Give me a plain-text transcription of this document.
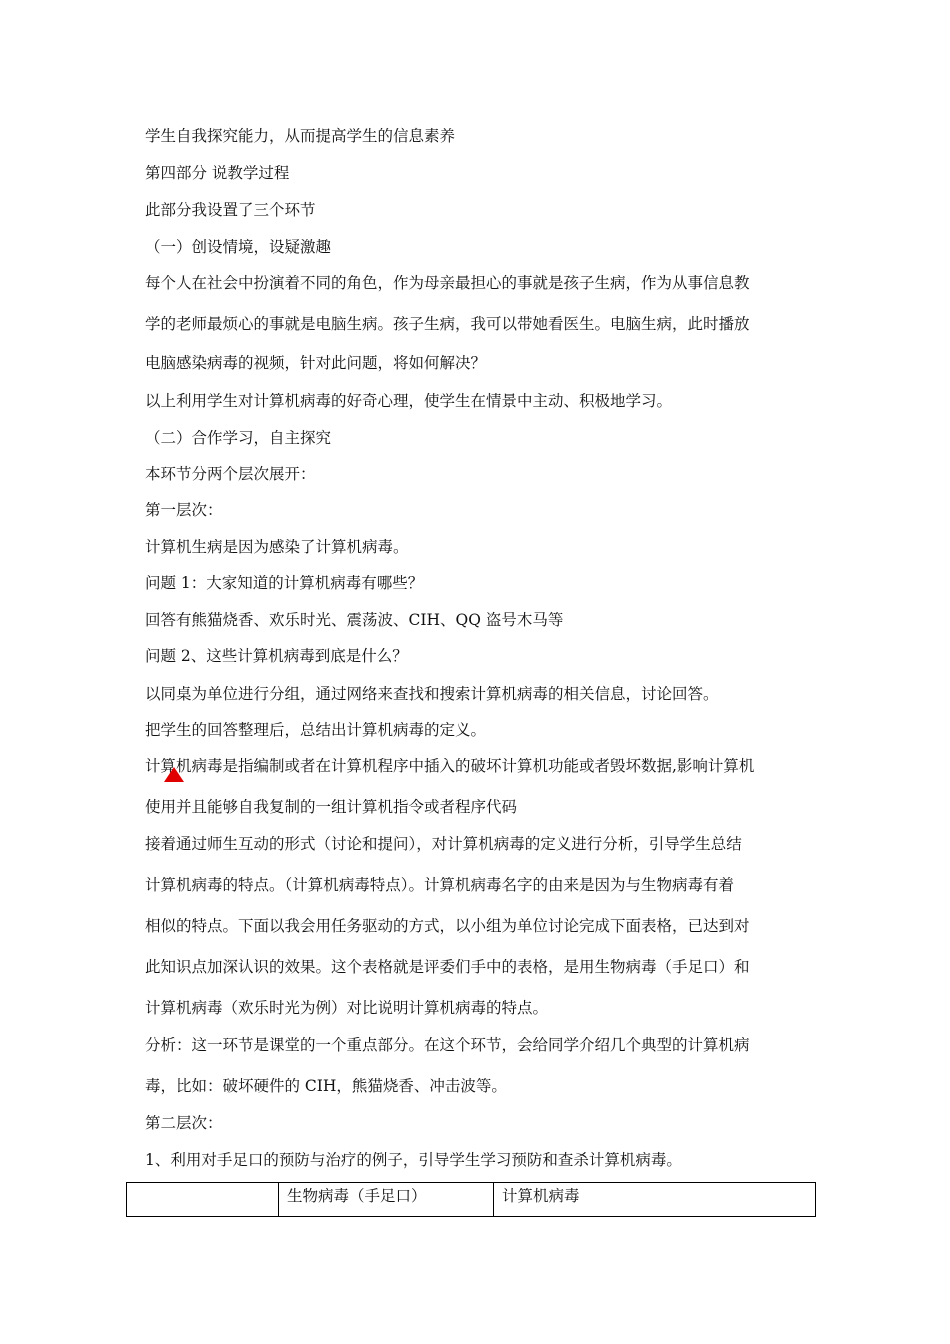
学生自我探究能力，从而提高学生的信息素养
第四部分 说教学过程
此部分我设置了三个环节
（一）创设情境，设疑激趣
每个人在社会中扮演着不同的角色，作为母亲最担心的事就是孩子生病，作为从事信息教
学的老师最烦心的事就是电脑生病。孩子生病，我可以带她看医生。电脑生病，此时播放
电脑感染病毒的视频，针对此问题，将如何解决？
以上利用学生对计算机病毒的好奇心理，使学生在情景中主动、积极地学习。
（二）合作学习，自主探究
本环节分两个层次展开：
第一层次：
计算机生病是因为感染了计算机病毒。
问题 1：大家知道的计算机病毒有哪些？
回答有熊猫烧香、欢乐时光、震荡波、CIH、QQ 盗号木马等
问题 2、这些计算机病毒到底是什么？
以同桌为单位进行分组，通过网络来查找和搜索计算机病毒的相关信息，讨论回答。
把学生的回答整理后，总结出计算机病毒的定义。
计算机病毒是指编制或者在计算机程序中插入的破坏计算机功能或者毁坏数据,影响计算机
使用并且能够自我复制的一组计算机指令或者程序代码
接着通过师生互动的形式（讨论和提问），对计算机病毒的定义进行分析，引导学生总结
计算机病毒的特点。（计算机病毒特点）。计算机病毒名字的由来是因为与生物病毒有着
相似的特点。下面以我会用任务驱动的方式，以小组为单位讨论完成下面表格，已达到对
此知识点加深认识的效果。这个表格就是评委们手中的表格，是用生物病毒（手足口）和
计算机病毒（欢乐时光为例）对比说明计算机病毒的特点。
分析：这一环节是课堂的一个重点部分。在这个环节，会给同学介绍几个典型的计算机病
毒，比如：破坏硬件的 CIH，熊猫烧香、冲击波等。
第二层次：
1、利用对手足口的预防与治疗的例子，引导学生学习预防和查杀计算机病毒。
	生物病毒（手足口）	计算机病毒
